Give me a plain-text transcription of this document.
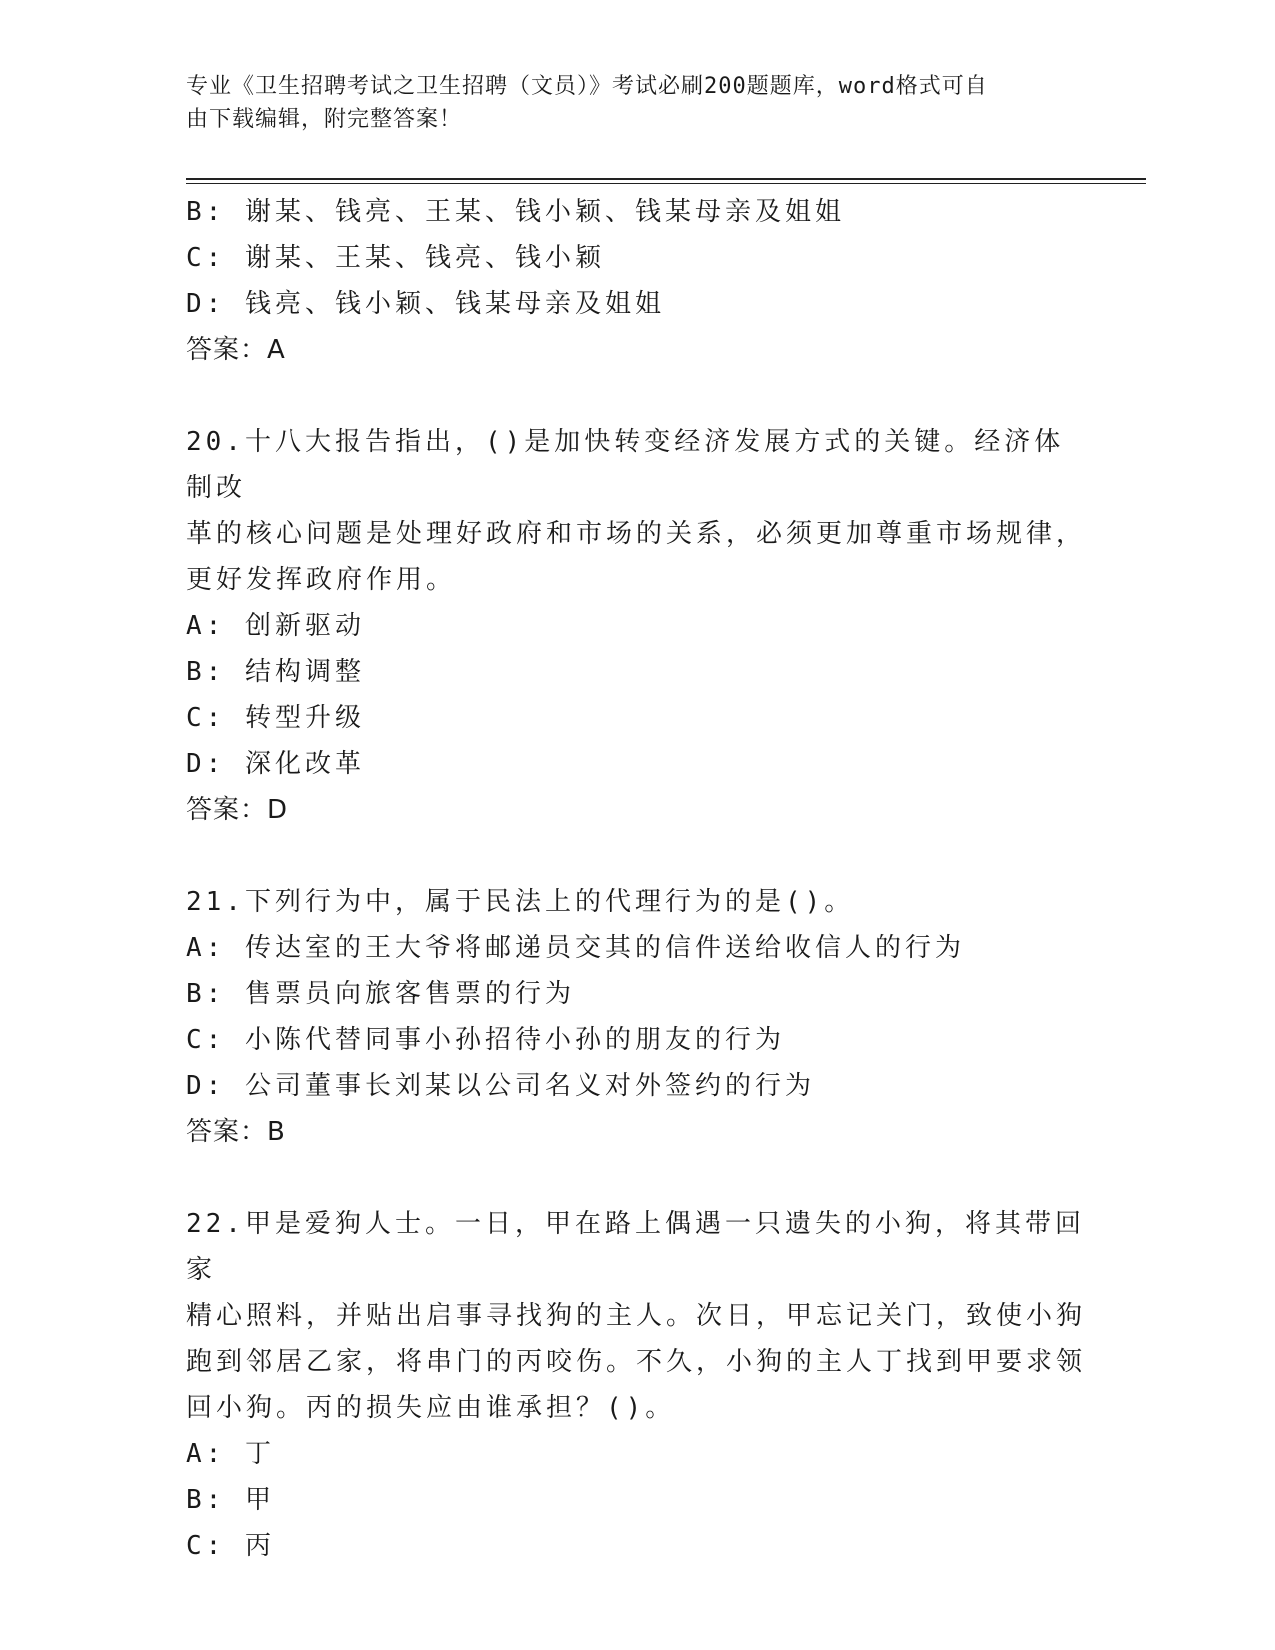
专业《卫生招聘考试之卫生招聘（文员）》考试必刷200题题库，word格式可自
由下载编辑，附完整答案！
B: 谢某、钱亮、王某、钱小颖、钱某母亲及姐姐
C: 谢某、王某、钱亮、钱小颖
D: 钱亮、钱小颖、钱某母亲及姐姐
答案：A
20.十八大报告指出，()是加快转变经济发展方式的关键。经济体制改
革的核心问题是处理好政府和市场的关系，必须更加尊重市场规律，
更好发挥政府作用。
A: 创新驱动
B: 结构调整
C: 转型升级
D: 深化改革
答案：D
21.下列行为中，属于民法上的代理行为的是()。
A: 传达室的王大爷将邮递员交其的信件送给收信人的行为
B: 售票员向旅客售票的行为
C: 小陈代替同事小孙招待小孙的朋友的行为
D: 公司董事长刘某以公司名义对外签约的行为
答案：B
22.甲是爱狗人士。一日，甲在路上偶遇一只遗失的小狗，将其带回家
精心照料，并贴出启事寻找狗的主人。次日，甲忘记关门，致使小狗
跑到邻居乙家，将串门的丙咬伤。不久，小狗的主人丁找到甲要求领
回小狗。丙的损失应由谁承担？()。
A: 丁
B: 甲
C: 丙
